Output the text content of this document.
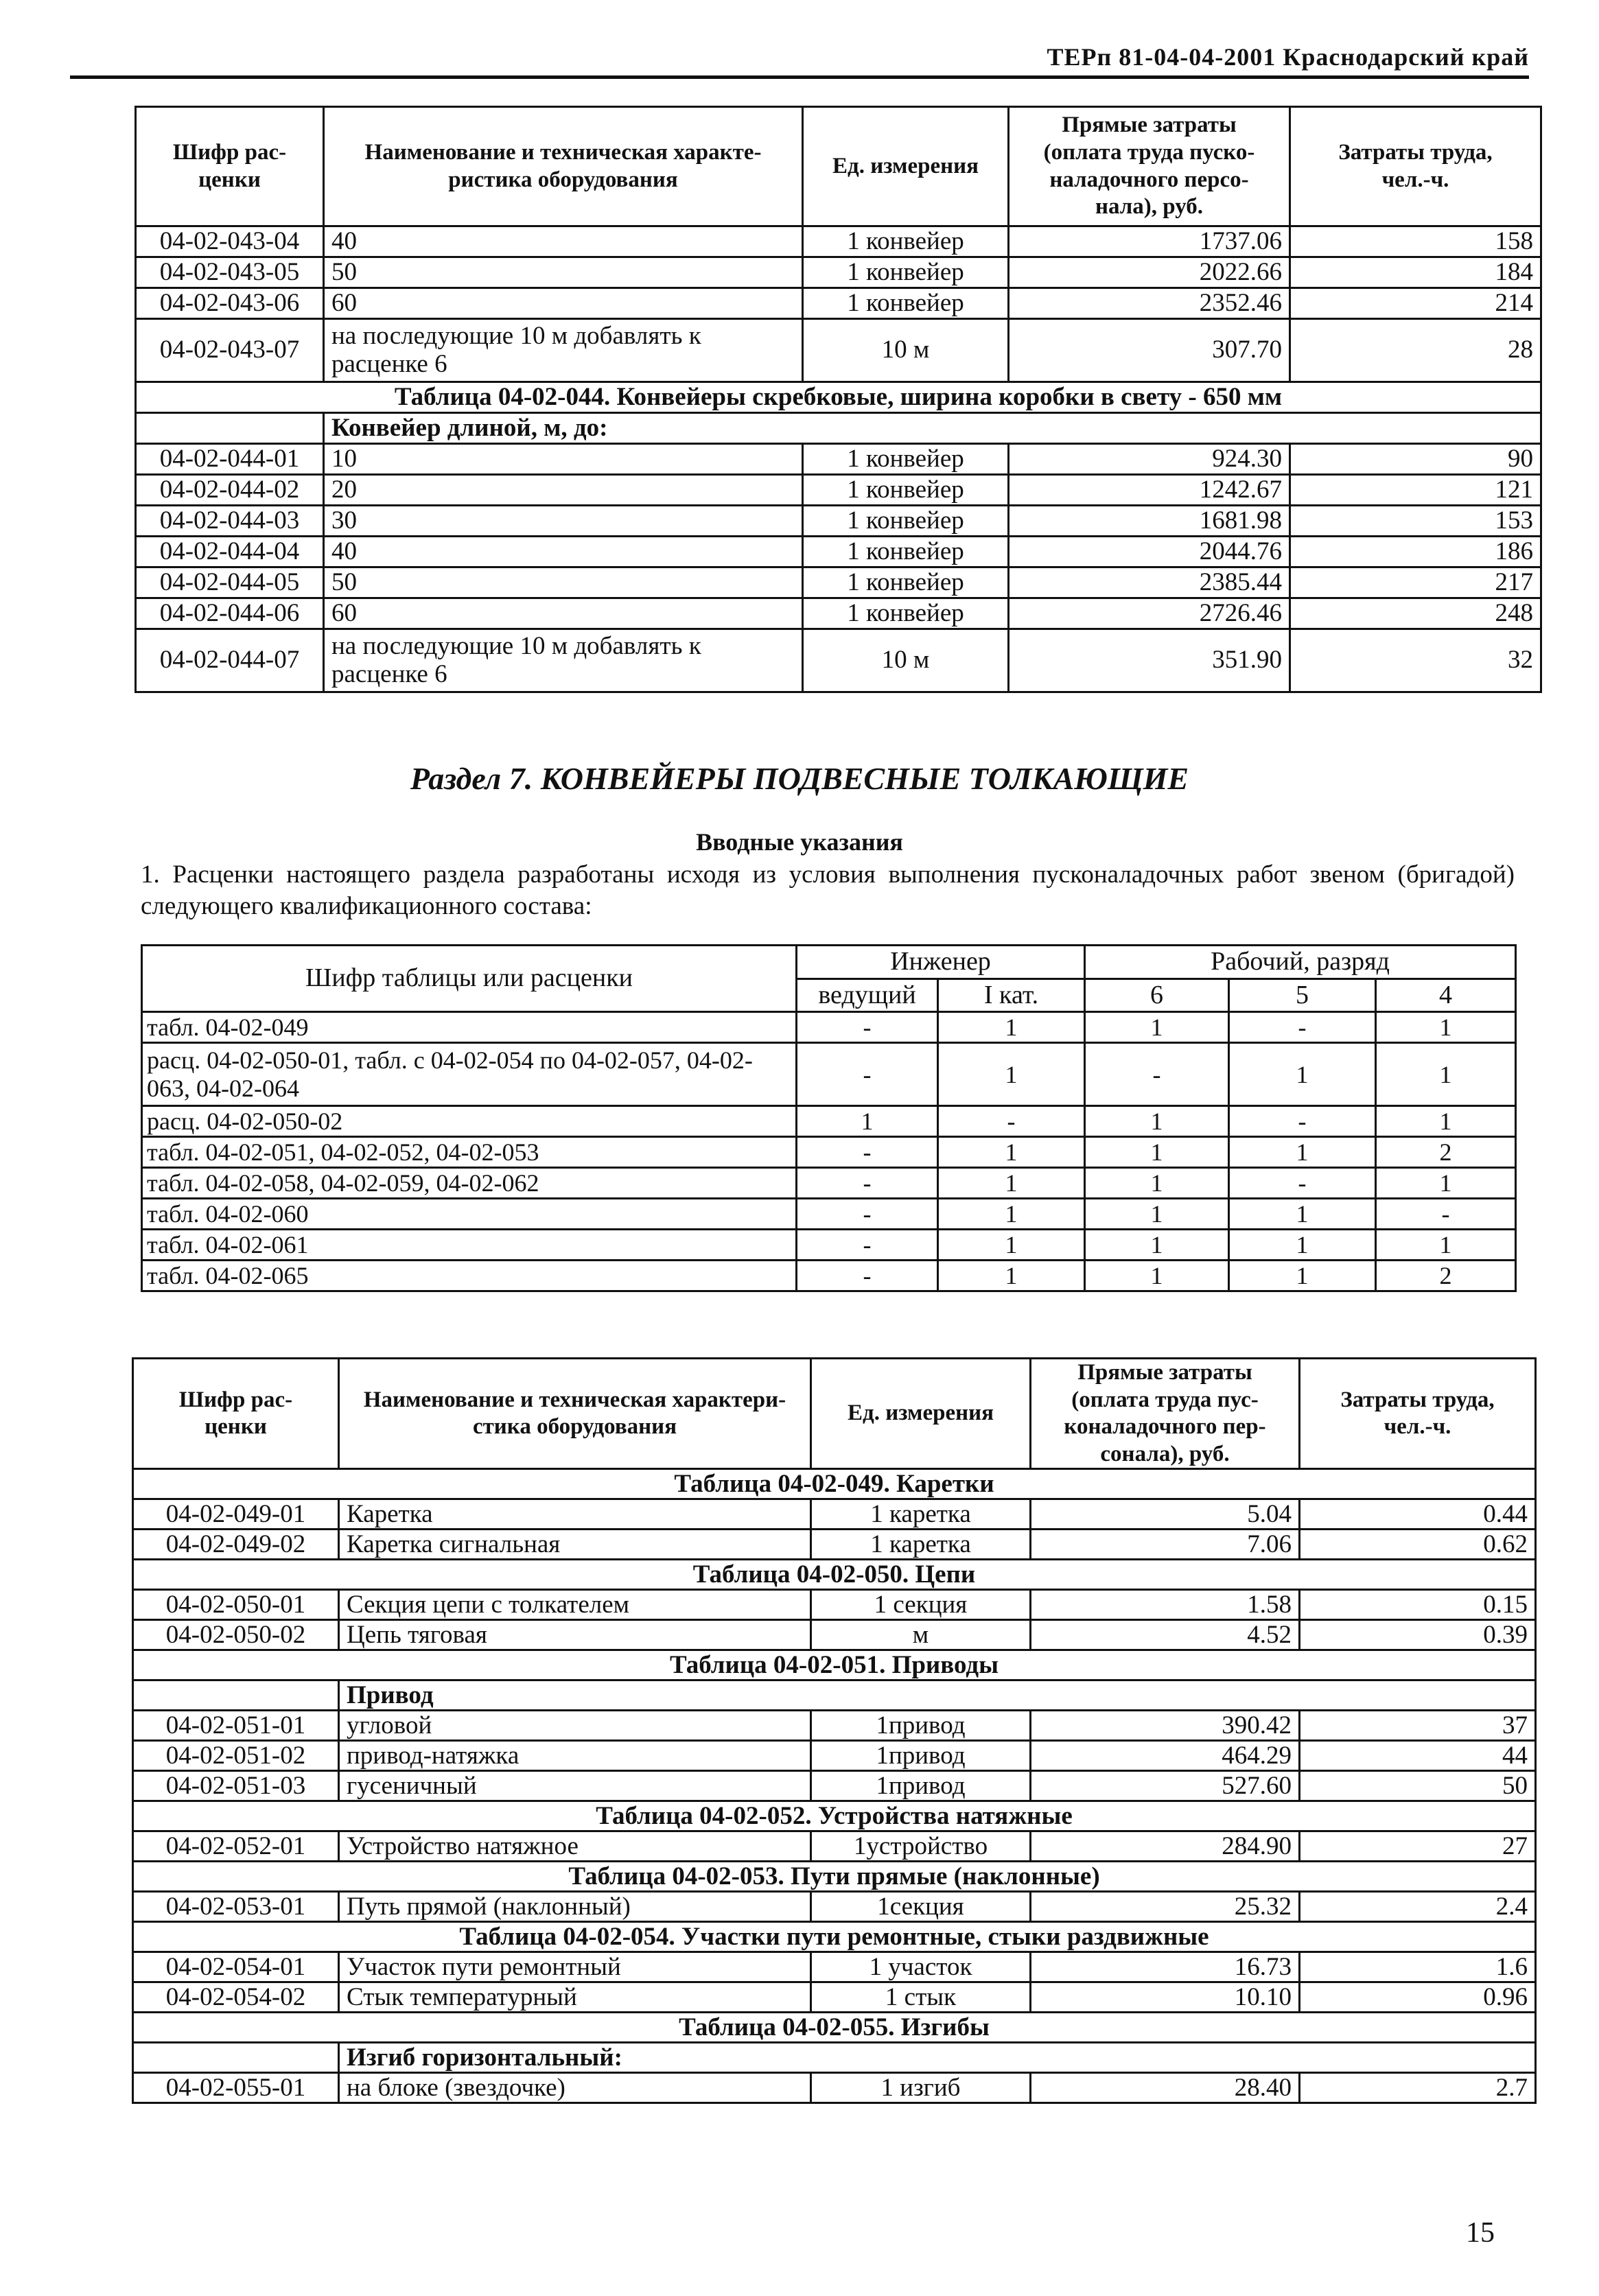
ТЕРп 81-04-04-2001 Краснодарский край
Шифр рас-
ценки	Наименование и техническая характе-
ристика оборудования	Ед. измерения	Прямые затраты
(оплата труда пуско-
наладочного персо-
нала), руб.	Затраты труда,
чел.-ч.
04-02-043-04	40	1 конвейер	1737.06	158
04-02-043-05	50	1 конвейер	2022.66	184
04-02-043-06	60	1 конвейер	2352.46	214
04-02-043-07	на последующие 10 м добавлять к расценке 6	10 м	307.70	28
Таблица 04-02-044. Конвейеры скребковые, ширина коробки в свету - 650 мм				
	Конвейер длиной, м, до:			
04-02-044-01	10	1 конвейер	924.30	90
04-02-044-02	20	1 конвейер	1242.67	121
04-02-044-03	30	1 конвейер	1681.98	153
04-02-044-04	40	1 конвейер	2044.76	186
04-02-044-05	50	1 конвейер	2385.44	217
04-02-044-06	60	1 конвейер	2726.46	248
04-02-044-07	на последующие 10 м добавлять к расценке 6	10 м	351.90	32
Раздел 7. КОНВЕЙЕРЫ ПОДВЕСНЫЕ ТОЛКАЮЩИЕ
Вводные указания
1. Расценки настоящего раздела разработаны исходя из условия выполнения пусконаладочных работ звеном (бригадой) следующего квалификационного состава:
Шифр таблицы или расценки	Инженер		Рабочий, разряд		
	ведущий	I кат.	6	5	4
табл. 04-02-049	-	1	1	-	1
расц. 04-02-050-01, табл. с 04-02-054 по 04-02-057, 04-02-063, 04-02-064	-	1	-	1	1
расц. 04-02-050-02	1	-	1	-	1
табл. 04-02-051, 04-02-052, 04-02-053	-	1	1	1	2
табл. 04-02-058, 04-02-059, 04-02-062	-	1	1	-	1
табл. 04-02-060	-	1	1	1	-
табл. 04-02-061	-	1	1	1	1
табл. 04-02-065	-	1	1	1	2
Шифр рас-
ценки	Наименование и техническая характери-
стика оборудования	Ед. измерения	Прямые затраты
(оплата труда пус-
коналадочного пер-
сонала), руб.	Затраты труда,
чел.-ч.
Таблица 04-02-049. Каретки				
04-02-049-01	Каретка	1 каретка	5.04	0.44
04-02-049-02	Каретка сигнальная	1 каретка	7.06	0.62
Таблица 04-02-050. Цепи				
04-02-050-01	Секция цепи с толкателем	1 секция	1.58	0.15
04-02-050-02	Цепь тяговая	м	4.52	0.39
Таблица 04-02-051. Приводы				
	Привод			
04-02-051-01	угловой	1привод	390.42	37
04-02-051-02	привод-натяжка	1привод	464.29	44
04-02-051-03	гусеничный	1привод	527.60	50
Таблица 04-02-052. Устройства натяжные				
04-02-052-01	Устройство натяжное	1устройство	284.90	27
Таблица 04-02-053. Пути прямые (наклонные)				
04-02-053-01	Путь прямой (наклонный)	1секция	25.32	2.4
Таблица 04-02-054. Участки пути ремонтные, стыки раздвижные				
04-02-054-01	Участок пути ремонтный	1 участок	16.73	1.6
04-02-054-02	Стык температурный	1 стык	10.10	0.96
Таблица 04-02-055. Изгибы				
	Изгиб горизонтальный:			
04-02-055-01	на блоке (звездочке)	1 изгиб	28.40	2.7
15
